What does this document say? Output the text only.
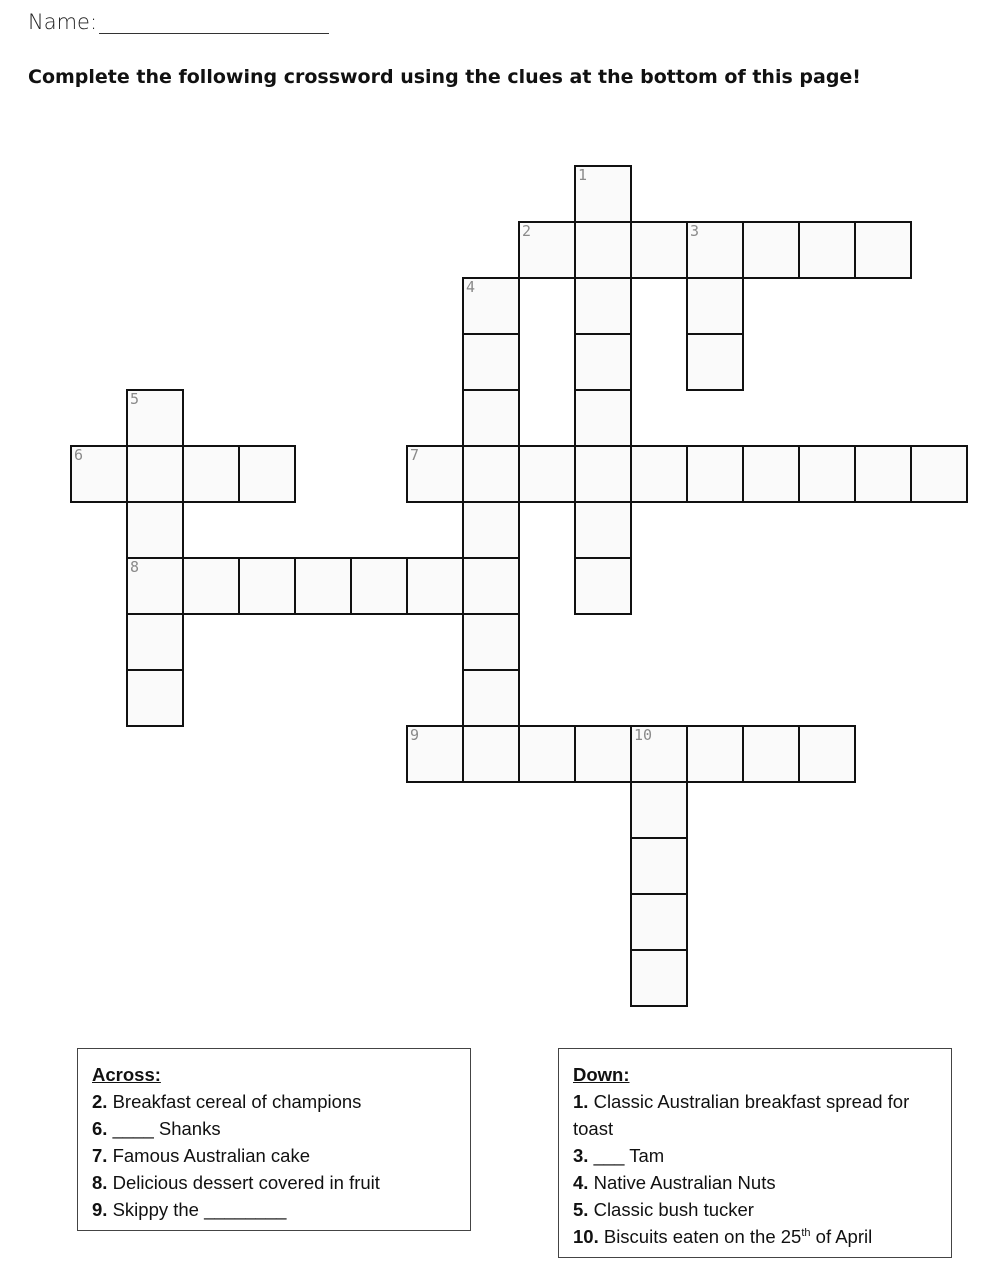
Name:
Complete the following crossword using the clues at the bottom of this page!
1
2	3
4
5
8
6	7
9	10
Across:
2. Breakfast cereal of champions
6. ____ Shanks
7. Famous Australian cake
8. Delicious dessert covered in fruit
9. Skippy the ________
Down:
1. Classic Australian breakfast spread for
toast
3. ___ Tam
4. Native Australian Nuts
5. Classic bush tucker
10. Biscuits eaten on the 25th of April
